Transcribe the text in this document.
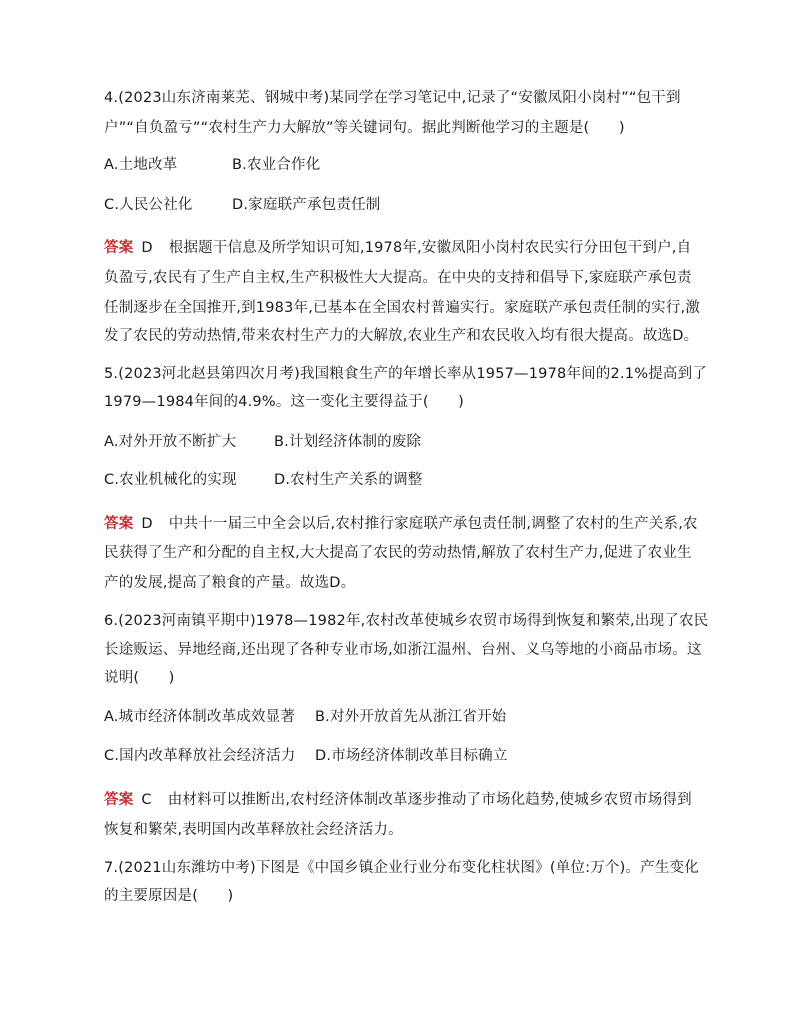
4.(2023山东济南莱芜、钢城中考)某同学在学习笔记中,记录了“安徽凤阳小岗村”“包干到
户”“自负盈亏”“农村生产力大解放”等关键词句。据此判断他学习的主题是(　　)
A.土地改革	B.农业合作化
C.人民公社化	D.家庭联产承包责任制
答案 D 根据题干信息及所学知识可知,1978年,安徽凤阳小岗村农民实行分田包干到户,自
负盈亏,农民有了生产自主权,生产积极性大大提高。在中央的支持和倡导下,家庭联产承包责
任制逐步在全国推开,到1983年,已基本在全国农村普遍实行。家庭联产承包责任制的实行,激
发了农民的劳动热情,带来农村生产力的大解放,农业生产和农民收入均有很大提高。故选D。
5.(2023河北赵县第四次月考)我国粮食生产的年增长率从1957—1978年间的2.1%提高到了
1979—1984年间的4.9%。这一变化主要得益于(　　)
A.对外开放不断扩大	B.计划经济体制的废除
C.农业机械化的实现	D.农村生产关系的调整
答案 D 中共十一届三中全会以后,农村推行家庭联产承包责任制,调整了农村的生产关系,农
民获得了生产和分配的自主权,大大提高了农民的劳动热情,解放了农村生产力,促进了农业生
产的发展,提高了粮食的产量。故选D。
6.(2023河南镇平期中)1978—1982年,农村改革使城乡农贸市场得到恢复和繁荣,出现了农民
长途贩运、异地经商,还出现了各种专业市场,如浙江温州、台州、义乌等地的小商品市场。这
说明(　　)
A.城市经济体制改革成效显著 B.对外开放首先从浙江省开始
C.国内改革释放社会经济活力 D.市场经济体制改革目标确立
答案 C 由材料可以推断出,农村经济体制改革逐步推动了市场化趋势,使城乡农贸市场得到
恢复和繁荣,表明国内改革释放社会经济活力。
7.(2021山东潍坊中考)下图是《中国乡镇企业行业分布变化柱状图》(单位:万个)。产生变化
的主要原因是(　　)
